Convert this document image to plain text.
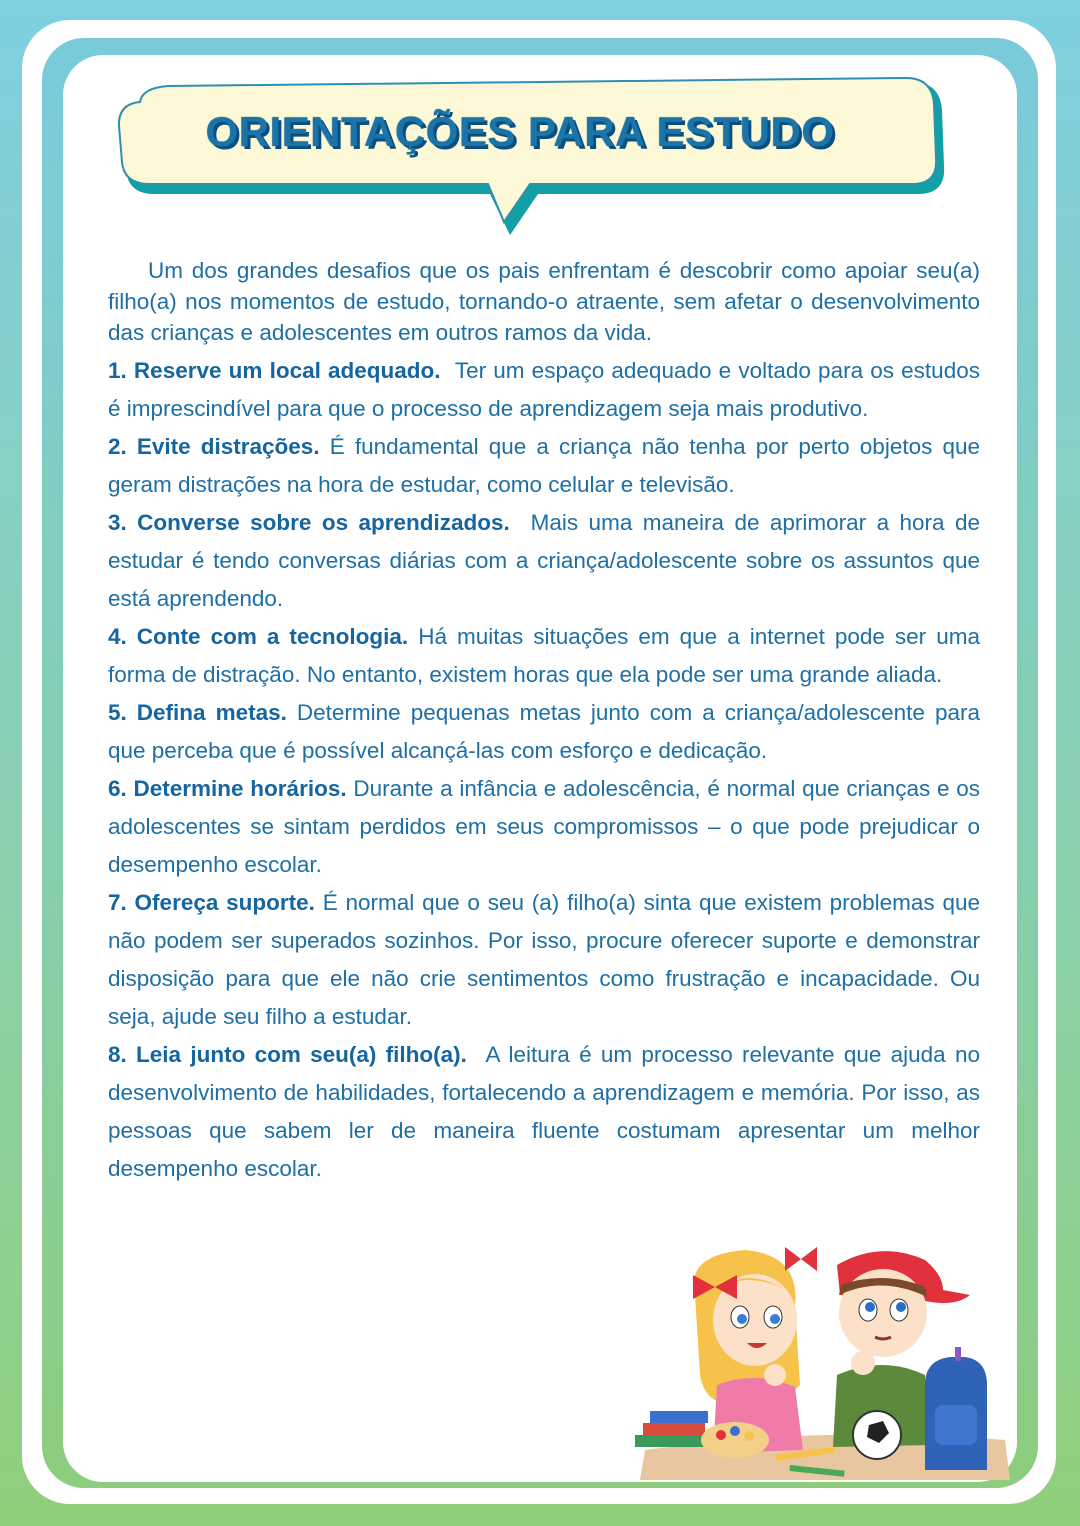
ORIENTAÇÕES PARA ESTUDO

Um dos grandes desafios que os pais enfrentam é descobrir como apoiar seu(a) filho(a) nos momentos de estudo, tornando-o atraente, sem afetar o desenvolvimento das crianças e adolescentes em outros ramos da vida.

1. Reserve um local adequado. Ter um espaço adequado e voltado para os estudos é imprescindível para que o processo de aprendizagem seja mais produtivo.

2. Evite distrações. É fundamental que a criança não tenha por perto objetos que geram distrações na hora de estudar, como celular e televisão.

3. Converse sobre os aprendizados. Mais uma maneira de aprimorar a hora de estudar é tendo conversas diárias com a criança/adolescente sobre os assuntos que está aprendendo.

4. Conte com a tecnologia. Há muitas situações em que a internet pode ser uma forma de distração. No entanto, existem horas que ela pode ser uma grande aliada.

5. Defina metas. Determine pequenas metas junto com a criança/adolescente para que perceba que é possível alcançá-las com esforço e dedicação.

6. Determine horários. Durante a infância e adolescência, é normal que crianças e os adolescentes se sintam perdidos em seus compromissos – o que pode prejudicar o desempenho escolar.

7. Ofereça suporte. É normal que o seu (a) filho(a) sinta que existem problemas que não podem ser superados sozinhos. Por isso, procure oferecer suporte e demonstrar disposição para que ele não crie sentimentos como frustração e incapacidade. Ou seja, ajude seu filho a estudar.

8. Leia junto com seu(a) filho(a). A leitura é um processo relevante que ajuda no desenvolvimento de habilidades, fortalecendo a aprendizagem e memória. Por isso, as pessoas que sabem ler de maneira fluente costumam apresentar um melhor desempenho escolar.
